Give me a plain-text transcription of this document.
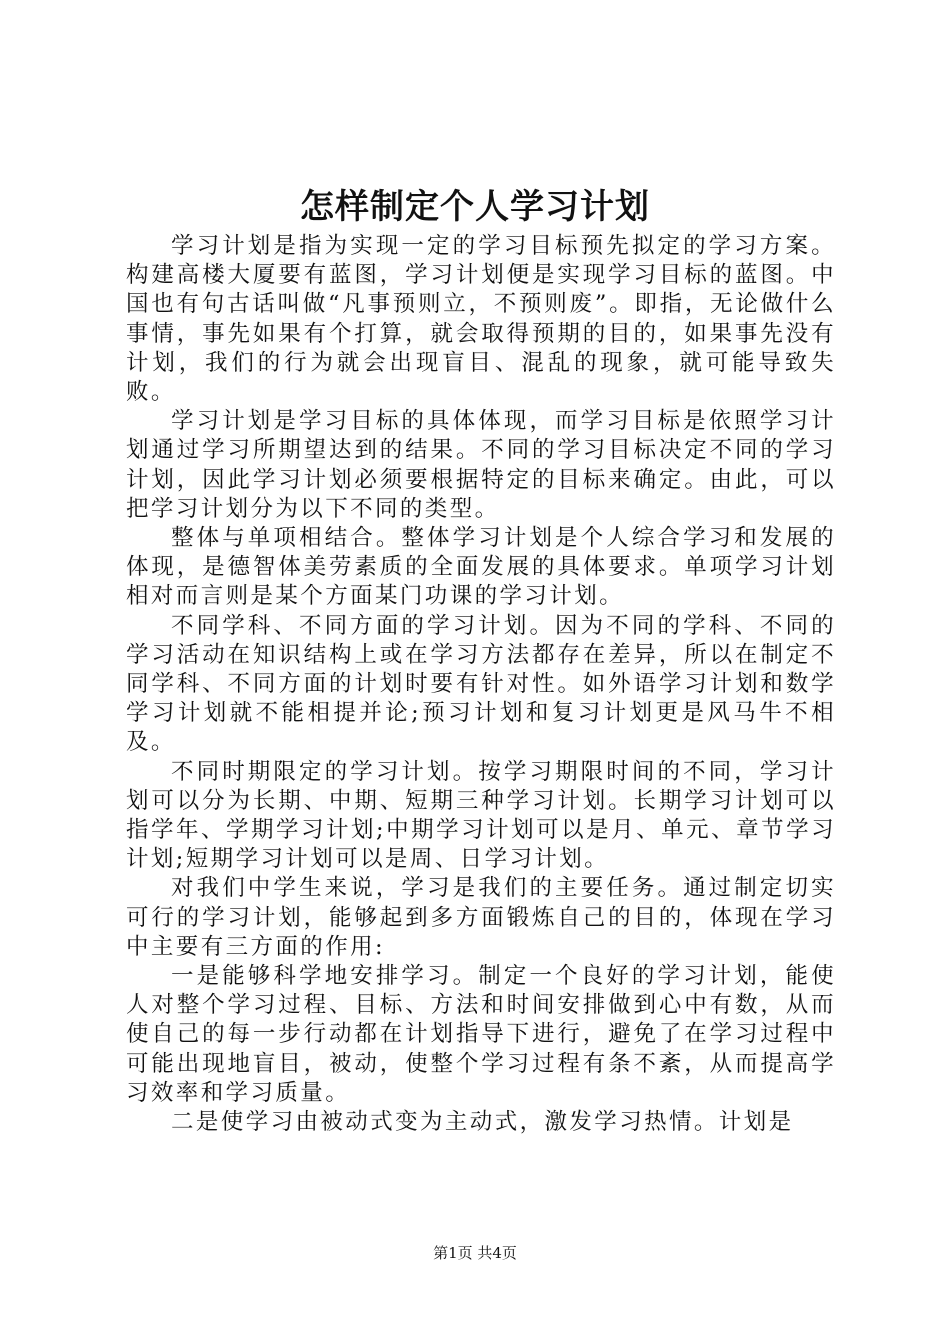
怎样制定个人学习计划

学习计划是指为实现一定的学习目标预先拟定的学习方案。构建高楼大厦要有蓝图，学习计划便是实现学习目标的蓝图。中国也有句古话叫做“凡事预则立，不预则废”。即指，无论做什么事情，事先如果有个打算，就会取得预期的目的，如果事先没有计划，我们的行为就会出现盲目、混乱的现象，就可能导致失败。

学习计划是学习目标的具体体现，而学习目标是依照学习计划通过学习所期望达到的结果。不同的学习目标决定不同的学习计划，因此学习计划必须要根据特定的目标来确定。由此，可以把学习计划分为以下不同的类型。

整体与单项相结合。整体学习计划是个人综合学习和发展的体现，是德智体美劳素质的全面发展的具体要求。单项学习计划相对而言则是某个方面某门功课的学习计划。

不同学科、不同方面的学习计划。因为不同的学科、不同的学习活动在知识结构上或在学习方法都存在差异，所以在制定不同学科、不同方面的计划时要有针对性。如外语学习计划和数学学习计划就不能相提并论;预习计划和复习计划更是风马牛不相及。

不同时期限定的学习计划。按学习期限时间的不同，学习计划可以分为长期、中期、短期三种学习计划。长期学习计划可以指学年、学期学习计划;中期学习计划可以是月、单元、章节学习计划;短期学习计划可以是周、日学习计划。

对我们中学生来说，学习是我们的主要任务。通过制定切实可行的学习计划，能够起到多方面锻炼自己的目的，体现在学习中主要有三方面的作用:

一是能够科学地安排学习。制定一个良好的学习计划，能使人对整个学习过程、目标、方法和时间安排做到心中有数，从而使自己的每一步行动都在计划指导下进行，避免了在学习过程中可能出现地盲目，被动，使整个学习过程有条不紊，从而提高学习效率和学习质量。

二是使学习由被动式变为主动式，激发学习热情。计划是

第1页 共4页
